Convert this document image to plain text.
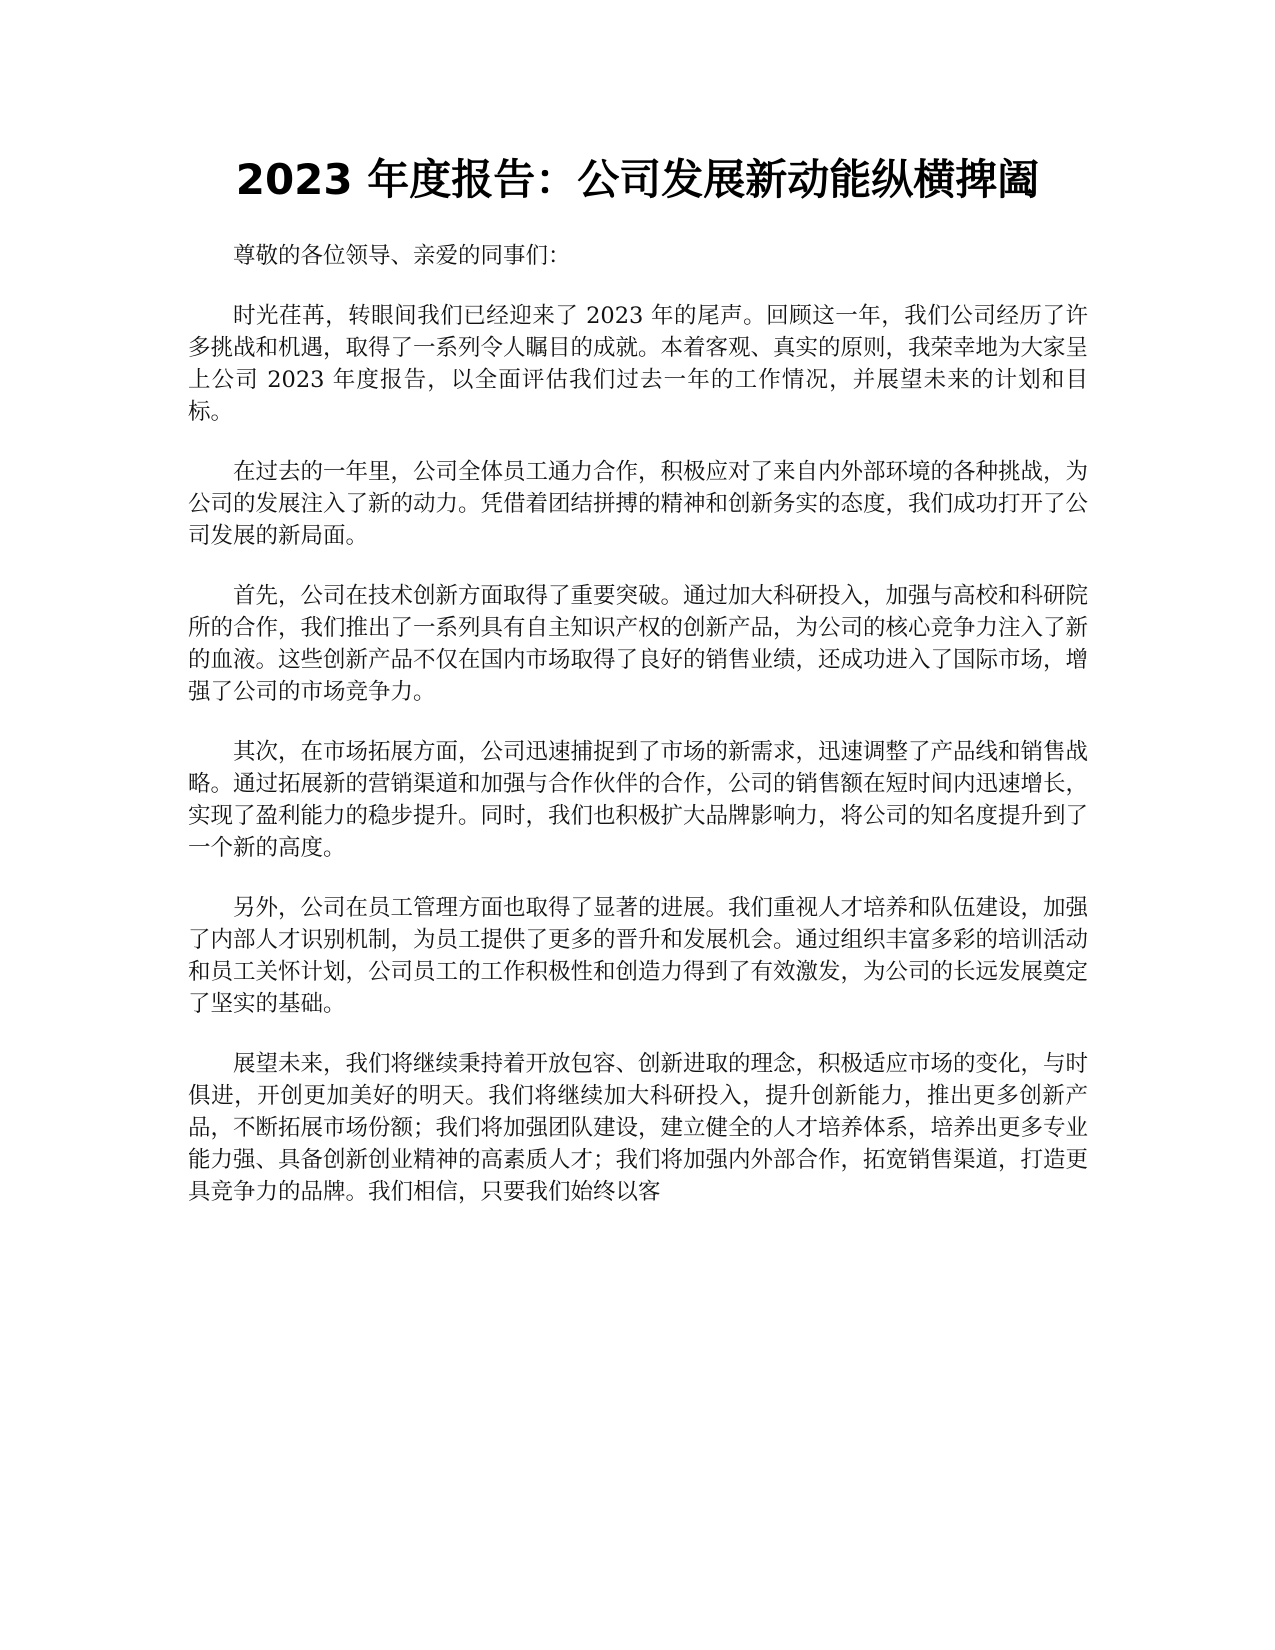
2023 年度报告：公司发展新动能纵横捭阖

尊敬的各位领导、亲爱的同事们：

时光荏苒，转眼间我们已经迎来了 2023 年的尾声。回顾这一年，我们公司经历了许多挑战和机遇，取得了一系列令人瞩目的成就。本着客观、真实的原则，我荣幸地为大家呈上公司 2023 年度报告，以全面评估我们过去一年的工作情况，并展望未来的计划和目标。

在过去的一年里，公司全体员工通力合作，积极应对了来自内外部环境的各种挑战，为公司的发展注入了新的动力。凭借着团结拼搏的精神和创新务实的态度，我们成功打开了公司发展的新局面。

首先，公司在技术创新方面取得了重要突破。通过加大科研投入，加强与高校和科研院所的合作，我们推出了一系列具有自主知识产权的创新产品，为公司的核心竞争力注入了新的血液。这些创新产品不仅在国内市场取得了良好的销售业绩，还成功进入了国际市场，增强了公司的市场竞争力。

其次，在市场拓展方面，公司迅速捕捉到了市场的新需求，迅速调整了产品线和销售战略。通过拓展新的营销渠道和加强与合作伙伴的合作，公司的销售额在短时间内迅速增长，实现了盈利能力的稳步提升。同时，我们也积极扩大品牌影响力，将公司的知名度提升到了一个新的高度。

另外，公司在员工管理方面也取得了显著的进展。我们重视人才培养和队伍建设，加强了内部人才识别机制，为员工提供了更多的晋升和发展机会。通过组织丰富多彩的培训活动和员工关怀计划，公司员工的工作积极性和创造力得到了有效激发，为公司的长远发展奠定了坚实的基础。

展望未来，我们将继续秉持着开放包容、创新进取的理念，积极适应市场的变化，与时俱进，开创更加美好的明天。我们将继续加大科研投入，提升创新能力，推出更多创新产品，不断拓展市场份额；我们将加强团队建设，建立健全的人才培养体系，培养出更多专业能力强、具备创新创业精神的高素质人才；我们将加强内外部合作，拓宽销售渠道，打造更具竞争力的品牌。我们相信，只要我们始终以客
